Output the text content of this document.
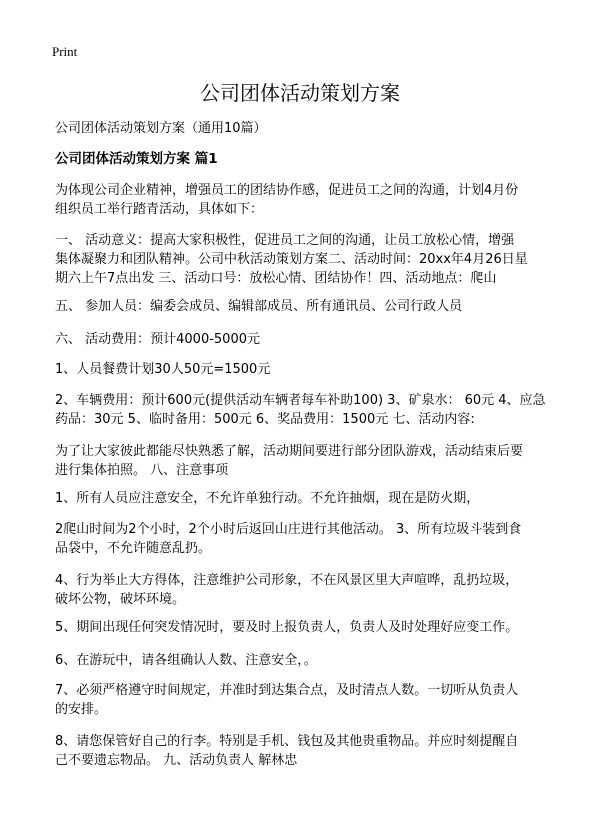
Print
公司团体活动策划方案
公司团体活动策划方案（通用10篇）
公司团体活动策划方案 篇1
为体现公司企业精神，增强员工的团结协作感，促进员工之间的沟通，计划4月份
组织员工举行踏青活动，具体如下：
一、 活动意义：提高大家积极性，促进员工之间的沟通，让员工放松心情，增强
集体凝聚力和团队精神。公司中秋活动策划方案二、活动时间：20xx年4月26日星
期六上午7点出发 三、活动口号：放松心情、团结协作！四、活动地点：爬山
五、 参加人员：编委会成员、编辑部成员、所有通讯员、公司行政人员
六、 活动费用：预计4000-5000元
1、人员餐费计划30人50元=1500元
2、车辆费用：预计600元(提供活动车辆者每车补助100) 3、矿泉水： 60元 4、应急
药品：30元 5、临时备用：500元 6、奖品费用：1500元 七、活动内容:
为了让大家彼此都能尽快熟悉了解，活动期间要进行部分团队游戏，活动结束后要
进行集体拍照。 八、注意事项
1、所有人员应注意安全，不允许单独行动。不允许抽烟，现在是防火期，
2爬山时间为2个小时，2个小时后返回山庄进行其他活动。 3、所有垃圾斗装到食
品袋中，不允许随意乱扔。
4、行为举止大方得体，注意维护公司形象，不在风景区里大声喧哗，乱扔垃圾，
破坏公物，破坏环境。
5、期间出现任何突发情况时，要及时上报负责人，负责人及时处理好应变工作。
6、在游玩中，请各组确认人数、注意安全，。
7、必须严格遵守时间规定，并准时到达集合点，及时清点人数。一切听从负责人
的安排。
8、请您保管好自己的行李。特别是手机、钱包及其他贵重物品。并应时刻提醒自
己不要遗忘物品。 九、活动负责人 解林忠
